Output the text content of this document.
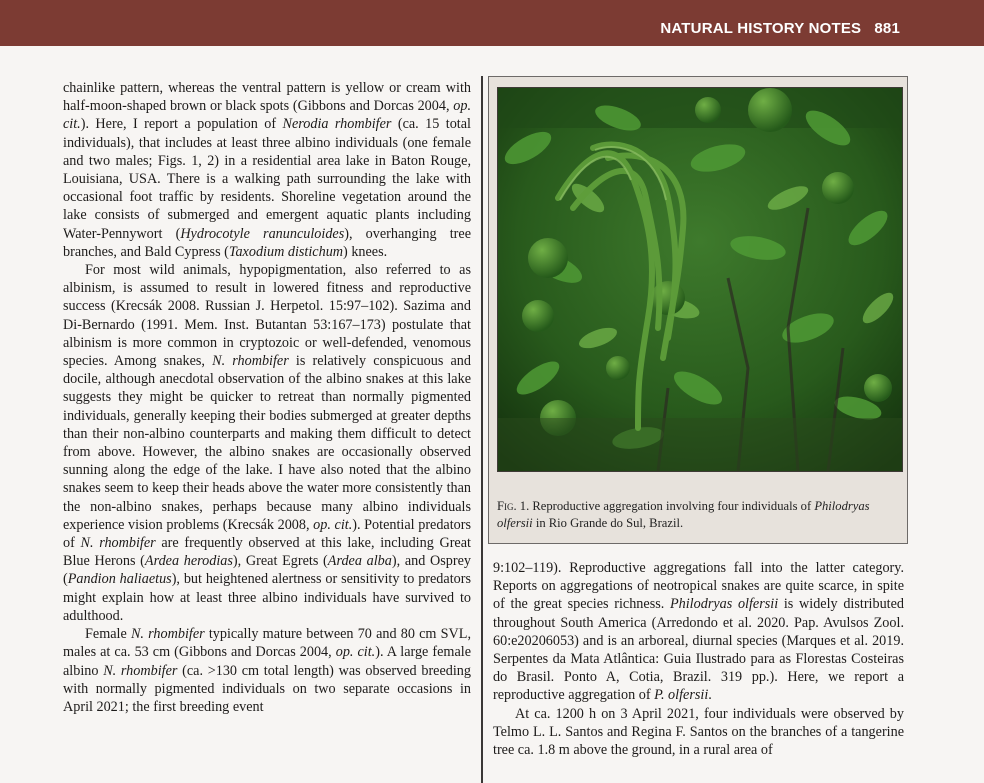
NATURAL HISTORY NOTES 881

chainlike pattern, whereas the ventral pattern is yellow or cream with half-moon-shaped brown or black spots (Gibbons and Dorcas 2004, op. cit.). Here, I report a population of Nerodia rhombifer (ca. 15 total individuals), that includes at least three albino individuals (one female and two males; Figs. 1, 2) in a residential area lake in Baton Rouge, Louisiana, USA. There is a walking path surrounding the lake with occasional foot traffic by residents. Shoreline vegetation around the lake consists of submerged and emergent aquatic plants including Water-Pennywort (Hydrocotyle ranunculoides), overhanging tree branches, and Bald Cypress (Taxodium distichum) knees.

For most wild animals, hypopigmentation, also referred to as albinism, is assumed to result in lowered fitness and reproductive success (Krecsák 2008. Russian J. Herpetol. 15:97–102). Sazima and Di-Bernardo (1991. Mem. Inst. Butantan 53:167–173) postulate that albinism is more common in cryptozoic or well-defended, venomous species. Among snakes, N. rhombifer is relatively conspicuous and docile, although anecdotal observation of the albino snakes at this lake suggests they might be quicker to retreat than normally pigmented individuals, generally keeping their bodies submerged at greater depths than their non-albino counterparts and making them difficult to detect from above. However, the albino snakes are occasionally observed sunning along the edge of the lake. I have also noted that the albino snakes seem to keep their heads above the water more consistently than the non-albino snakes, perhaps because many albino individuals experience vision problems (Krecsák 2008, op. cit.). Potential predators of N. rhombifer are frequently observed at this lake, including Great Blue Herons (Ardea herodias), Great Egrets (Ardea alba), and Osprey (Pandion haliaetus), but heightened alertness or sensitivity to predators might explain how at least three albino individuals have survived to adulthood.

Female N. rhombifer typically mature between 70 and 80 cm SVL, males at ca. 53 cm (Gibbons and Dorcas 2004, op. cit.). A large female albino N. rhombifer (ca. >130 cm total length) was observed breeding with normally pigmented individuals on two separate occasions in April 2021; the first breeding event

Fig. 1. Reproductive aggregation involving four individuals of Philodryas olfersii in Rio Grande do Sul, Brazil.

9:102–119). Reproductive aggregations fall into the latter category. Reports on aggregations of neotropical snakes are quite scarce, in spite of the great species richness. Philodryas olfersii is widely distributed throughout South America (Arredondo et al. 2020. Pap. Avulsos Zool. 60:e20206053) and is an arboreal, diurnal species (Marques et al. 2019. Serpentes da Mata Atlântica: Guia Ilustrado para as Florestas Costeiras do Brasil. Ponto A, Cotia, Brazil. 319 pp.). Here, we report a reproductive aggregation of P. olfersii.

At ca. 1200 h on 3 April 2021, four individuals were observed by Telmo L. L. Santos and Regina F. Santos on the branches of a tangerine tree ca. 1.8 m above the ground, in a rural area of
